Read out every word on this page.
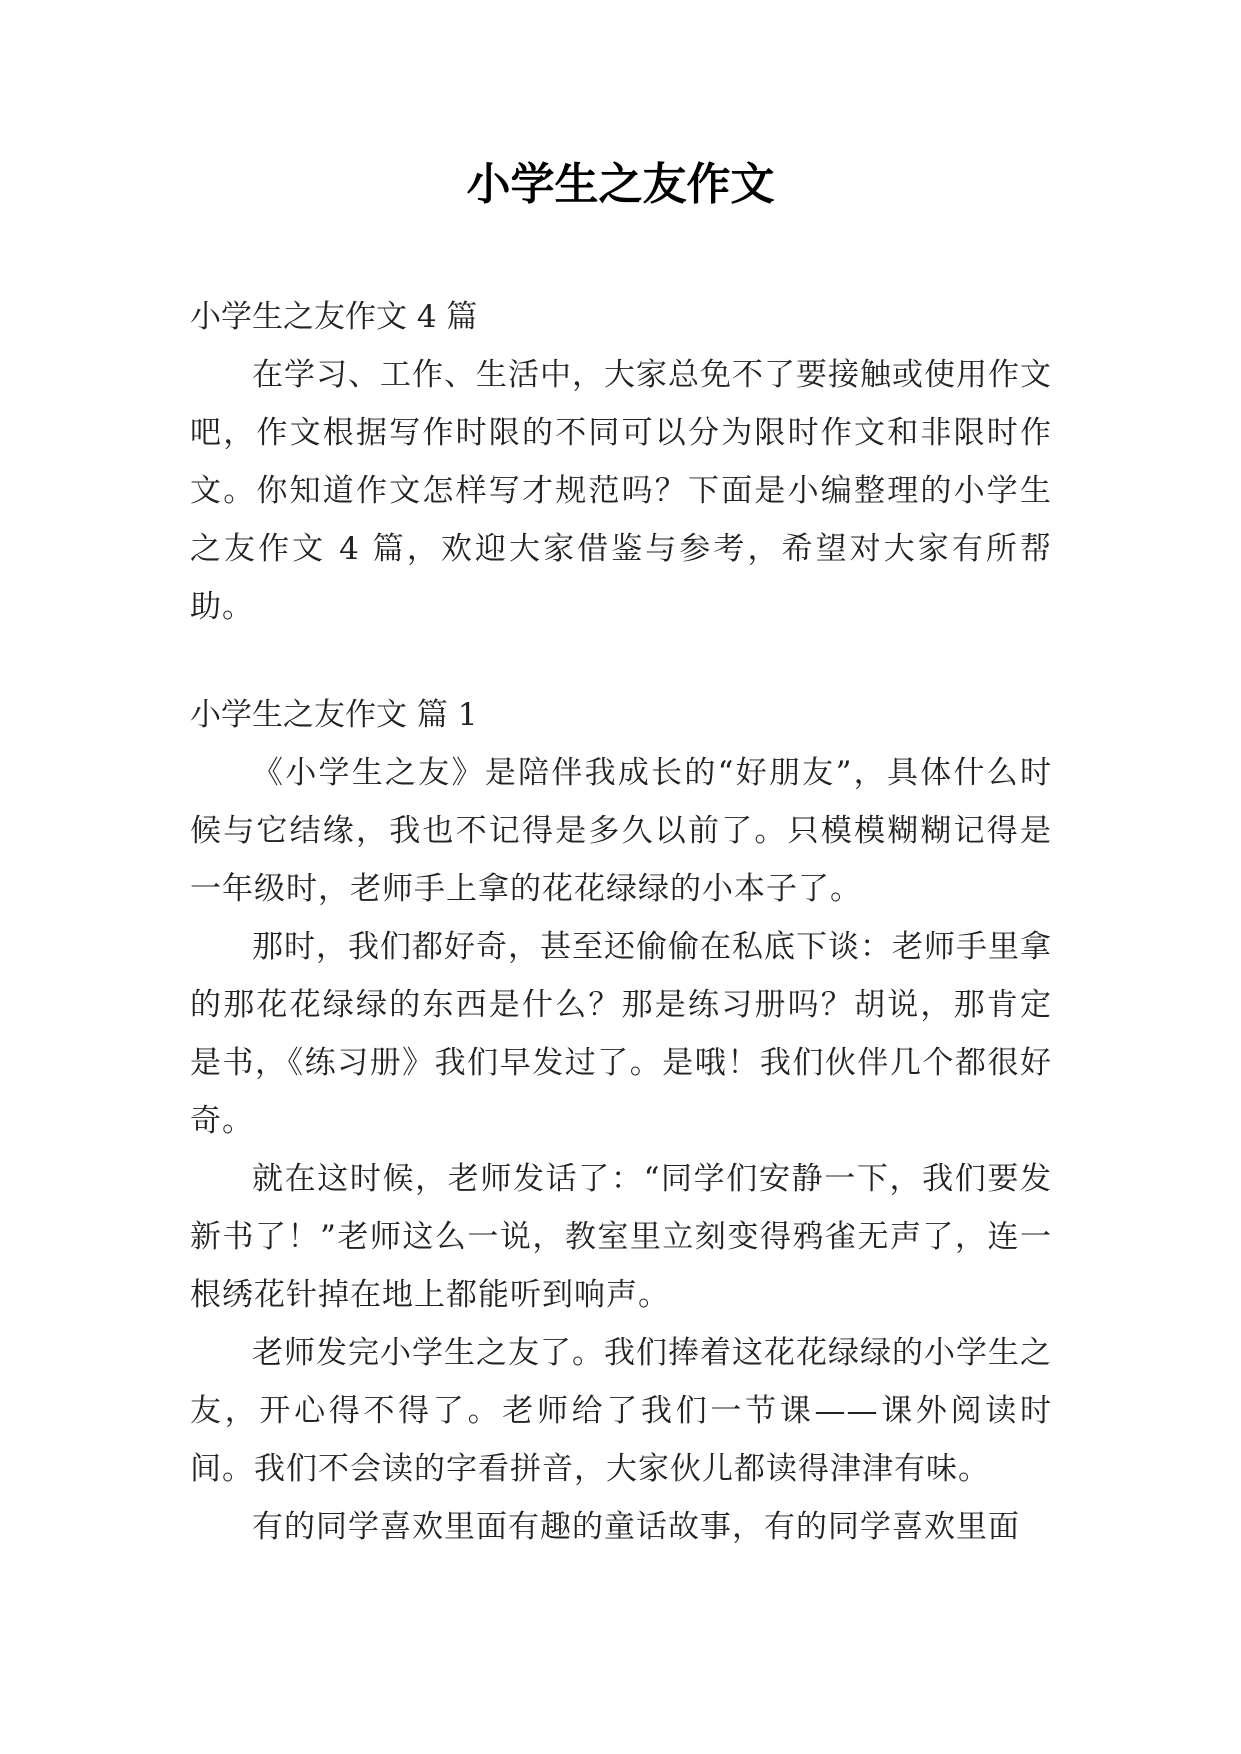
小学生之友作文

小学生之友作文 4 篇

在学习、工作、生活中，大家总免不了要接触或使用作文吧，作文根据写作时限的不同可以分为限时作文和非限时作文。你知道作文怎样写才规范吗？下面是小编整理的小学生之友作文 4 篇，欢迎大家借鉴与参考，希望对大家有所帮助。

小学生之友作文 篇 1

《小学生之友》是陪伴我成长的“好朋友”，具体什么时候与它结缘，我也不记得是多久以前了。只模模糊糊记得是一年级时，老师手上拿的花花绿绿的小本子了。

那时，我们都好奇，甚至还偷偷在私底下谈：老师手里拿的那花花绿绿的东西是什么？那是练习册吗？胡说，那肯定是书，《练习册》我们早发过了。是哦！我们伙伴几个都很好奇。

就在这时候，老师发话了：“同学们安静一下，我们要发新书了！”老师这么一说，教室里立刻变得鸦雀无声了，连一根绣花针掉在地上都能听到响声。

老师发完小学生之友了。我们捧着这花花绿绿的小学生之友，开心得不得了。老师给了我们一节课——课外阅读时间。我们不会读的字看拼音，大家伙儿都读得津津有味。

有的同学喜欢里面有趣的童话故事，有的同学喜欢里面
